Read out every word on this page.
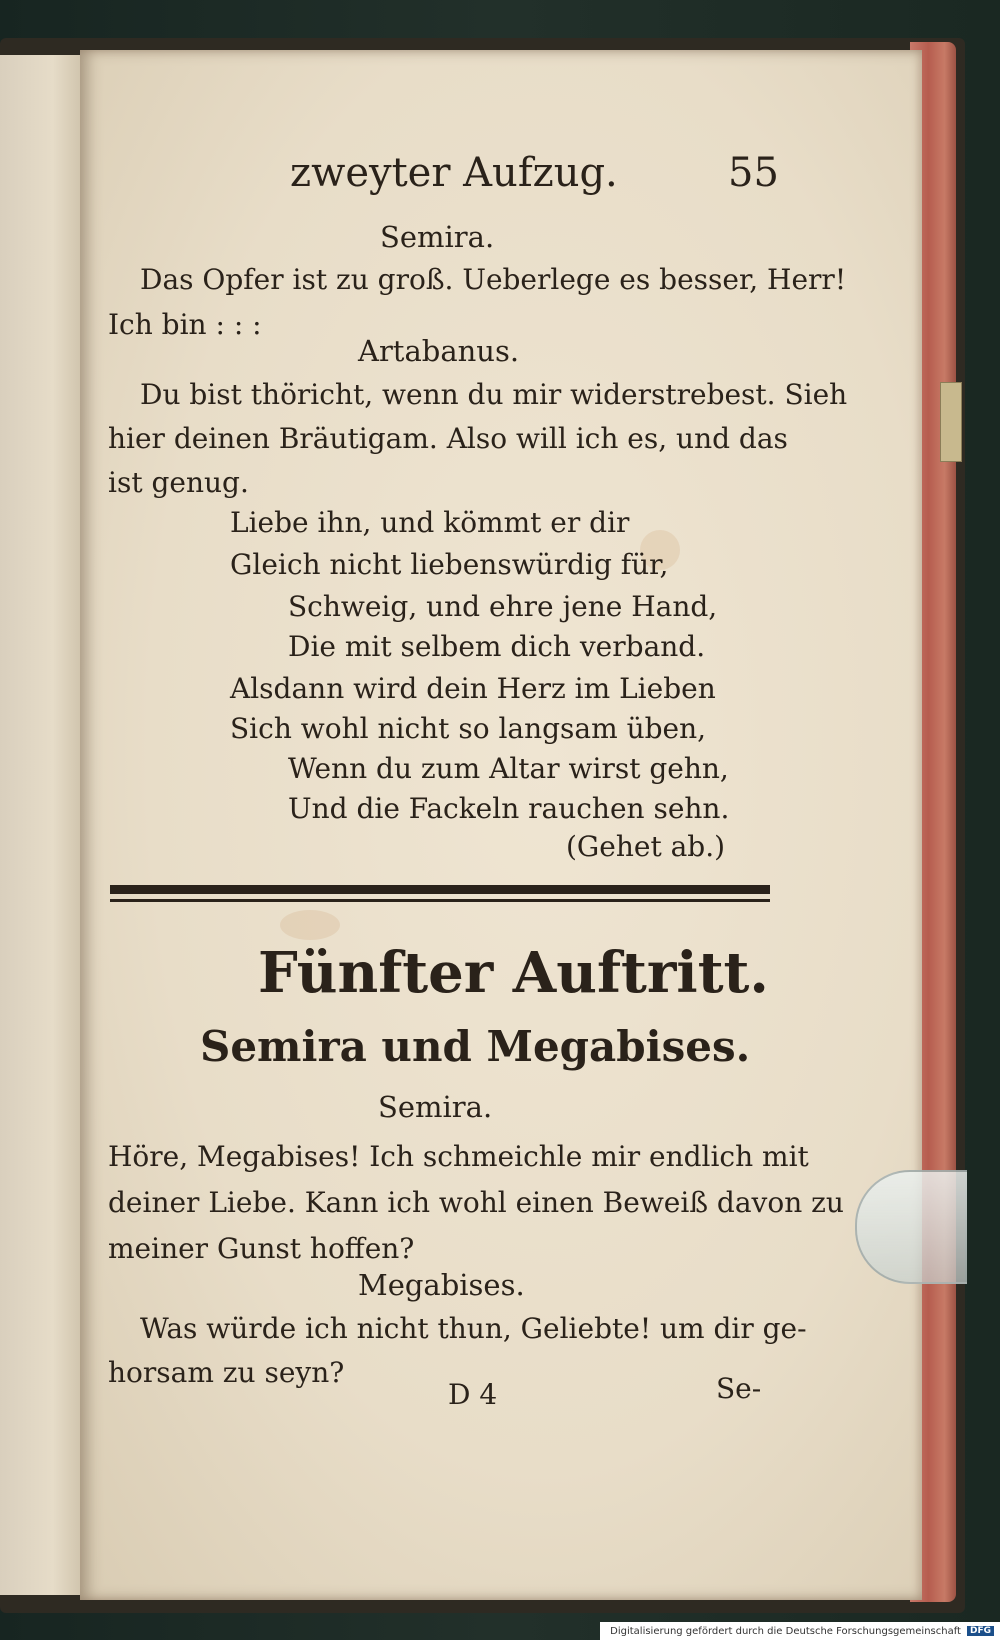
zweyter Aufzug.	55
Semira.
Das Opfer ist zu groß. Ueberlege es besser, Herr!
Ich bin : : :
Artabanus.
Du bist thöricht, wenn du mir widerstrebest. Sieh
hier deinen Bräutigam. Also will ich es, und das
ist genug.
Liebe ihn, und kömmt er dir
Gleich nicht liebenswürdig für,
Schweig, und ehre jene Hand,
Die mit selbem dich verband.
Alsdann wird dein Herz im Lieben
Sich wohl nicht so langsam üben,
Wenn du zum Altar wirst gehn,
Und die Fackeln rauchen sehn.
(Gehet ab.)
Fünfter Auftritt.
Semira und Megabises.
Semira.
Höre, Megabises! Ich schmeichle mir endlich mit
deiner Liebe. Kann ich wohl einen Beweiß davon zu
meiner Gunst hoffen?
Megabises.
Was würde ich nicht thun, Geliebte! um dir ge-
horsam zu seyn?
D 4	Se-
Digitalisierung gefördert durch die Deutsche Forschungsgemeinschaft	DFG
